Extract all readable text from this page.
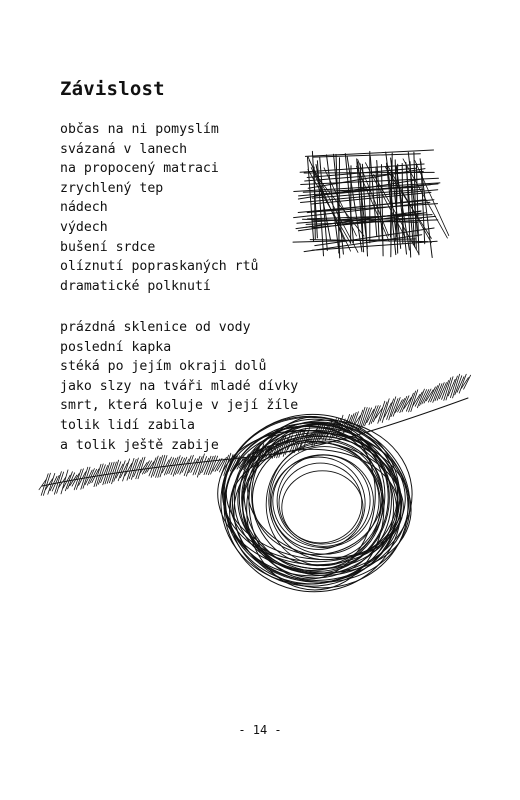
Závislost
občas na ni pomyslím
svázaná v lanech
na propocený matraci
zrychlený tep
nádech
výdech
bušení srdce
olíznutí popraskaných rtů
dramatické polknutí
prázdná sklenice od vody
poslední kapka
stéká po jejím okraji dolů
jako slzy na tváři mladé dívky
smrt, která koluje v její žíle
tolik lidí zabila
a tolik ještě zabije
- 14 -
